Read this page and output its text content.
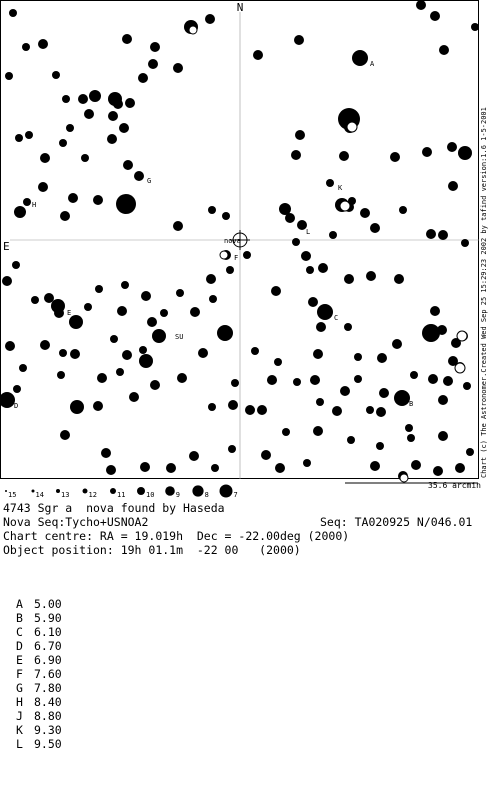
nova
N
E
A
B
C
D
E
F
G
H
K
L
SU	Chart (c) The Astronomer.Created Wed Sep 25 15:29:23 2002 by tafind version:1.6 1-5-2001
15	14 13	12	11	10	9	8	7
35.6 arcmin
4743 Sgr a  nova found by Haseda
Nova Seq:Tycho+USNOA2	Seq: TA020925 N/046.01
Chart centre: RA = 19.019h  Dec = -22.00deg (2000)
Object position: 19h 01.1m  -22 00   (2000)
A 5.00
B 5.90
C 6.10
D 6.70
E 6.90
F 7.60
G 7.80
H 8.40
J 8.80
K 9.30
L 9.50
